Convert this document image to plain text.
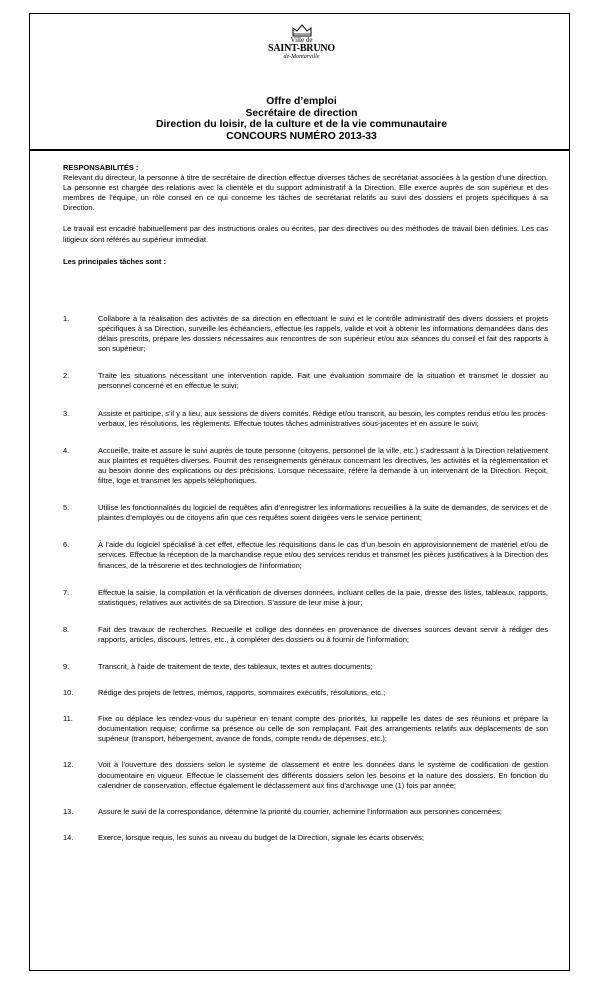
Ville de
SAINT-BRUNO
de-Montarville
Offre d’emploi
Secrétaire de direction
Direction du loisir, de la culture et de la vie communautaire
CONCOURS NUMÉRO 2013-33

RESPONSABILITÉS :

Relevant du directeur, la personne à titre de secrétaire de direction effectue diverses tâches de secrétariat associées à la gestion d’une direction. La personne est chargée des relations avec la clientèle et du support administratif à la Direction. Elle exerce auprès de son supérieur et des membres de l’équipe, un rôle conseil en ce qui concerne les tâches de secrétariat relatifs au suivi des dossiers et projets spécifiques à sa Direction.

Le travail est encadré habituellement par des instructions orales ou écrites, par des directives ou des méthodes de travail bien définies. Les cas litigieux sont référés au supérieur immédiat.

Les principales tâches sont :

1.	Collabore à la réalisation des activités de sa direction en effectuant le suivi et le contrôle administratif des divers dossiers et projets spécifiques à sa Direction, surveille les échéanciers, effectue les rappels, valide et voit à obtenir les informations demandées dans des délais prescrits, prépare les dossiers nécessaires aux rencontres de son supérieur et/ou aux séances du conseil et fait des rapports à son supérieur;
2.	Traite les situations nécessitant une intervention rapide. Fait une évaluation sommaire de la situation et transmet le dossier au personnel concerné et en effectue le suivi;
3.	Assiste et participe, s’il y a lieu, aux sessions de divers comités. Rédige et/ou transcrit, au besoin, les comptes rendus et/ou les procès-verbaux, les résolutions, les règlements. Effectue toutes tâches administratives sous-jacentes et en assure le suivi;
4.	Accueille, traite et assure le suivi auprès de toute personne (citoyens, personnel de la ville, etc.) s’adressant à la Direction relativement aux plaintes et requêtes diverses. Fournit des renseignements généraux concernant les directives, les activités et la réglementation et au besoin donne des explications ou des précisions. Lorsque nécessaire, réfère la demande à un intervenant de la Direction. Reçoit, filtre, loge et transmet les appels téléphoniques.
5.	Utilise les fonctionnalités du logiciel de requêtes afin d’enregistrer les informations recueillies à la suite de demandes, de services et de plaintes d’employés ou de citoyens afin que ces requêtes soient dirigées vers le service pertinent;
6.	À l’aide du logiciel spécialisé à cet effet, effectue les réquisitions dans le cas d’un besoin en approvisionnement de matériel et/ou de services. Effectue la réception de la marchandise reçue et/ou des services rendus et transmet les pièces justificatives à la Direction des finances, de la trésorerie et des technologies de l’information;
7.	Effectue la saisie, la compilation et la vérification de diverses données, incluant celles de la paie, dresse des listes, tableaux, rapports, statistiques, relatives aux activités de sa Direction. S’assure de leur mise à jour;
8.	Fait des travaux de recherches. Recueille et collige des données en provenance de diverses sources devant servir à rédiger des rapports, articles, discours, lettres, etc., à compléter des dossiers ou à fournir de l’information;
9.	Transcrit, à l’aide de traitement de texte, des tableaux, textes et autres documents;
10.	Rédige des projets de lettres, mémos, rapports, sommaires exécutifs, résolutions, etc.;
11.	Fixe ou déplace les rendez-vous du supérieur en tenant compte des priorités, lui rappelle les dates de ses réunions et prépare la documentation requise; confirme sa présence ou celle de son remplaçant. Fait des arrangements relatifs aux déplacements de son supérieur (transport, hébergement, avance de fonds, compte rendu de dépenses, etc.);
12.	Voit à l’ouverture des dossiers selon le système de classement et entre les données dans le système de codification de gestion documentaire en vigueur. Effectue le classement des différents dossiers selon les besoins et la nature des dossiers. En fonction du calendrier de conservation, effectue également le déclassement aux fins d’archivage une (1) fois par année;
13.	Assure le suivi de la correspondance, détermine la priorité du courrier, achemine l’information aux personnes concernées;
14.	Exerce, lorsque requis, les suivis au niveau du budget de la Direction, signale les écarts observés;
